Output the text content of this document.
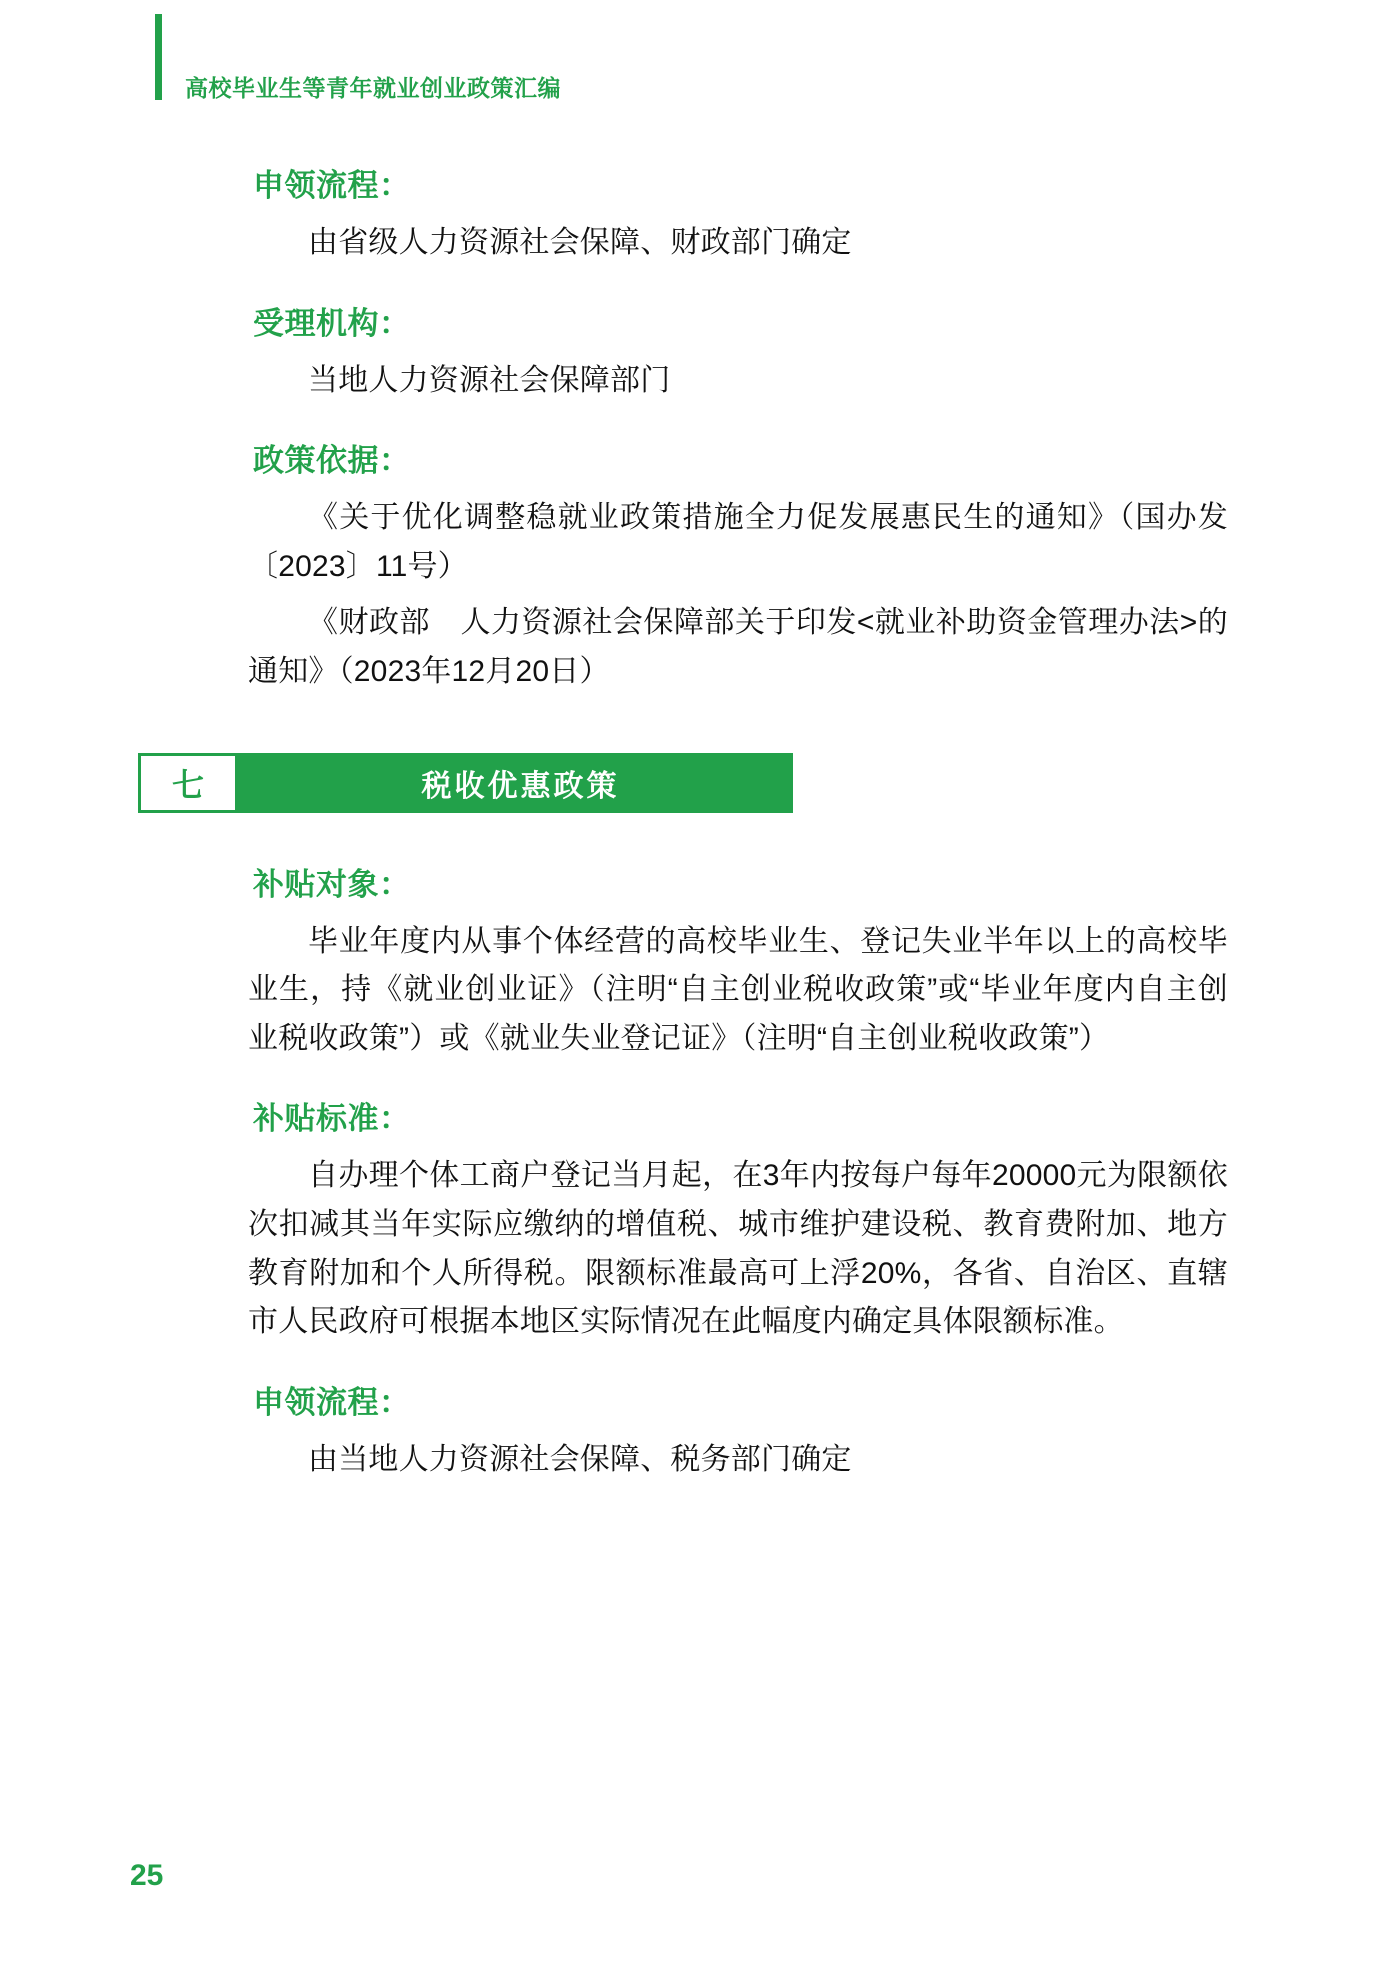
高校毕业生等青年就业创业政策汇编
申领流程：

由省级人力资源社会保障、财政部门确定

受理机构：

当地人力资源社会保障部门

政策依据：

《关于优化调整稳就业政策措施全力促发展惠民生的通知》（国办发〔2023〕11号）

《财政部　人力资源社会保障部关于印发<就业补助资金管理办法>的通知》（2023年12月20日）

七	税收优惠政策
补贴对象：

毕业年度内从事个体经营的高校毕业生、登记失业半年以上的高校毕业生，持《就业创业证》（注明“自主创业税收政策”或“毕业年度内自主创业税收政策”）或《就业失业登记证》（注明“自主创业税收政策”）

补贴标准：

自办理个体工商户登记当月起，在3年内按每户每年20000元为限额依次扣减其当年实际应缴纳的增值税、城市维护建设税、教育费附加、地方教育附加和个人所得税。限额标准最高可上浮20%，各省、自治区、直辖市人民政府可根据本地区实际情况在此幅度内确定具体限额标准。

申领流程：

由当地人力资源社会保障、税务部门确定

25
